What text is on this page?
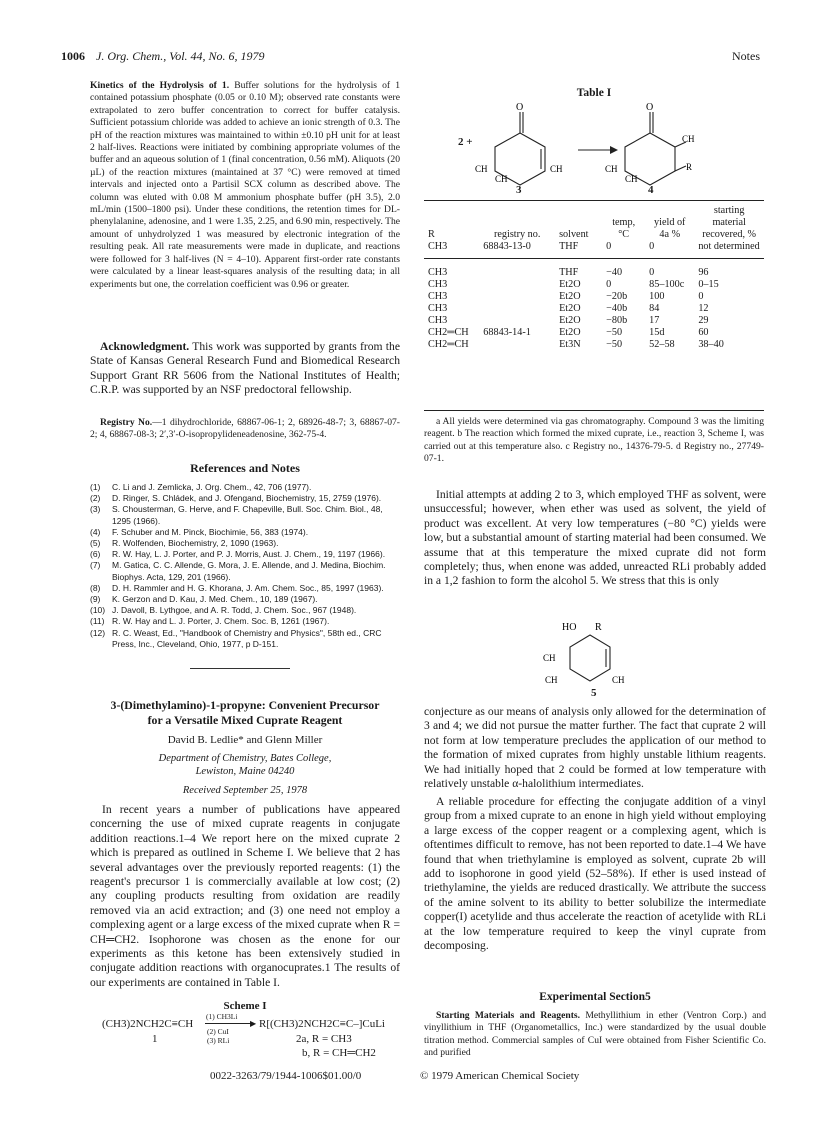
1006 J. Org. Chem., Vol. 44, No. 6, 1979	Notes
Kinetics of the Hydrolysis of 1. Buffer solutions for the hydrolysis of 1 contained potassium phosphate (0.05 or 0.10 M); observed rate constants were extrapolated to zero buffer concentration to correct for buffer catalysis. Sufficient potassium chloride was added to achieve an ionic strength of 0.3. The pH of the reaction mixtures was maintained to within ±0.10 pH unit for at least 2 half-lives. Reactions were initiated by combining appropriate volumes of the buffer and an aqueous solution of 1 (final concentration, 0.56 mM). Aliquots (20 µL) of the reaction mixtures (maintained at 37 °C) were removed at timed intervals and injected onto a Partisil SCX column as described above. The column was eluted with 0.08 M ammonium phosphate buffer (pH 3.5), 2.0 mL/min (1500–1800 psi). Under these conditions, the retention times for DL-phenylalanine, adenosine, and 1 were 1.35, 2.25, and 6.90 min, respectively. The amount of unhydrolyzed 1 was measured by electronic integration of the resulting peak. All rate measurements were made in duplicate, and reactions were followed for 3 half-lives (N = 4–10). Apparent first-order rate constants were calculated by a linear least-squares analysis of the resulting data; in all experiments but one, the correlation coefficient was 0.96 or greater.
Acknowledgment. This work was supported by grants from the State of Kansas General Research Fund and Biomedical Research Support Grant RR 5606 from the National Institutes of Health; C.R.P. was supported by an NSF predoctoral fellowship.
Registry No.—1 dihydrochloride, 68867-06-1; 2, 68926-48-7; 3, 68867-07-2; 4, 68867-08-3; 2′,3′-O-isopropylideneadenosine, 362-75-4.
References and Notes
(1) C. Li and J. Zemlicka, J. Org. Chem., 42, 706 (1977).
(2) D. Ringer, S. Chládek, and J. Ofengand, Biochemistry, 15, 2759 (1976).
(3) S. Chousterman, G. Herve, and F. Chapeville, Bull. Soc. Chim. Biol., 48, 1295 (1966).
(4) F. Schuber and M. Pinck, Biochimie, 56, 383 (1974).
(5) R. Wolfenden, Biochemistry, 2, 1090 (1963).
(6) R. W. Hay, L. J. Porter, and P. J. Morris, Aust. J. Chem., 19, 1197 (1966).
(7) M. Gatica, C. C. Allende, G. Mora, J. E. Allende, and J. Medina, Biochim. Biophys. Acta, 129, 201 (1966).
(8) D. H. Rammler and H. G. Khorana, J. Am. Chem. Soc., 85, 1997 (1963).
(9) K. Gerzon and D. Kau, J. Med. Chem., 10, 189 (1967).
(10) J. Davoll, B. Lythgoe, and A. R. Todd, J. Chem. Soc., 967 (1948).
(11) R. W. Hay and L. J. Porter, J. Chem. Soc. B, 1261 (1967).
(12) R. C. Weast, Ed., "Handbook of Chemistry and Physics", 58th ed., CRC Press, Inc., Cleveland, Ohio, 1977, p D-151.
3-(Dimethylamino)-1-propyne: Convenient Precursor
for a Versatile Mixed Cuprate Reagent
David B. Ledlie* and Glenn Miller
Department of Chemistry, Bates College,
Lewiston, Maine 04240
Received September 25, 1978
In recent years a number of publications have appeared concerning the use of mixed cuprate reagents in conjugate addition reactions.1–4 We report here on the mixed cuprate 2 which is prepared as outlined in Scheme I. We believe that 2 has several advantages over the previously reported reagents: (1) the reagent's precursor 1 is commercially available at low cost; (2) any coupling products resulting from oxidation are readily removed via an acid extraction; and (3) one need not employ a complexing agent or a large excess of the mixed cuprate when R = CH═CH2. Isophorone was chosen as the enone for our experiments as this ketone has been extensively studied in conjugate addition reactions with organocuprates.1 The results of our experiments are contained in Table I.
Scheme I
(CH3)2NCH2C≡CH
1
(1) CH3Li
▶
(2) CuI
(3) RLi
R[(CH3)2NCH2C≡C–]CuLi
2a, R = CH3
b, R = CH═CH2
Table I
O
CH
CH
CH
O
CH
R
CH
CH
2 +
3	4
R	registry no.	solvent	temp, °C	yield of 4a %	starting material recovered, %
CH3	68843-13-0	THF	0	0	not determined
CH3		THF	−40	0	96
CH3		Et2O	0	85–100c	0–15
CH3		Et2O	−20b	100	0
CH3		Et2O	−40b	84	12
CH3		Et2O	−80b	17	29
CH2═CH	68843-14-1	Et2O	−50	15d	60
CH2═CH		Et3N	−50	52–58	38–40
a All yields were determined via gas chromatography. Compound 3 was the limiting reagent. b The reaction which formed the mixed cuprate, i.e., reaction 3, Scheme I, was carried out at this temperature also. c Registry no., 14376-79-5. d Registry no., 27749-07-1.
Initial attempts at adding 2 to 3, which employed THF as solvent, were unsuccessful; however, when ether was used as solvent, the yield of product was excellent. At very low temperatures (−80 °C) yields were low, but a substantial amount of starting material had been consumed. We assume that at this temperature the mixed cuprate did not form completely; thus, when enone was added, unreacted RLi probably added in a 1,2 fashion to form the alcohol 5. We stress that this is only
HO R
CH
CH	CH
5
conjecture as our means of analysis only allowed for the determination of 3 and 4; we did not pursue the matter further. The fact that cuprate 2 will not form at low temperature precludes the application of our method to the formation of mixed cuprates from highly unstable lithium reagents. We had initially hoped that 2 could be formed at low temperature with relatively unstable α-halolithium intermediates.
A reliable procedure for effecting the conjugate addition of a vinyl group from a mixed cuprate to an enone in high yield without employing a large excess of the copper reagent or a complexing agent, which is oftentimes difficult to remove, has not been reported to date.1–4 We have found that when triethylamine is employed as solvent, cuprate 2b will add to isophorone in good yield (52–58%). If ether is used instead of triethylamine, the yields are reduced drastically. We attribute the success of the amine solvent to its ability to better solubilize the intermediate copper(I) acetylide and thus accelerate the reaction of acetylide with RLi at the low temperature required to keep the vinyl cuprate from decomposing.
Experimental Section5
Starting Materials and Reagents. Methyllithium in ether (Ventron Corp.) and vinyllithium in THF (Organometallics, Inc.) were standardized by the usual double titration method. Commercial samples of CuI were obtained from Fisher Scientific Co. and purified
0022-3263/79/1944-1006$01.00/0	© 1979 American Chemical Society
